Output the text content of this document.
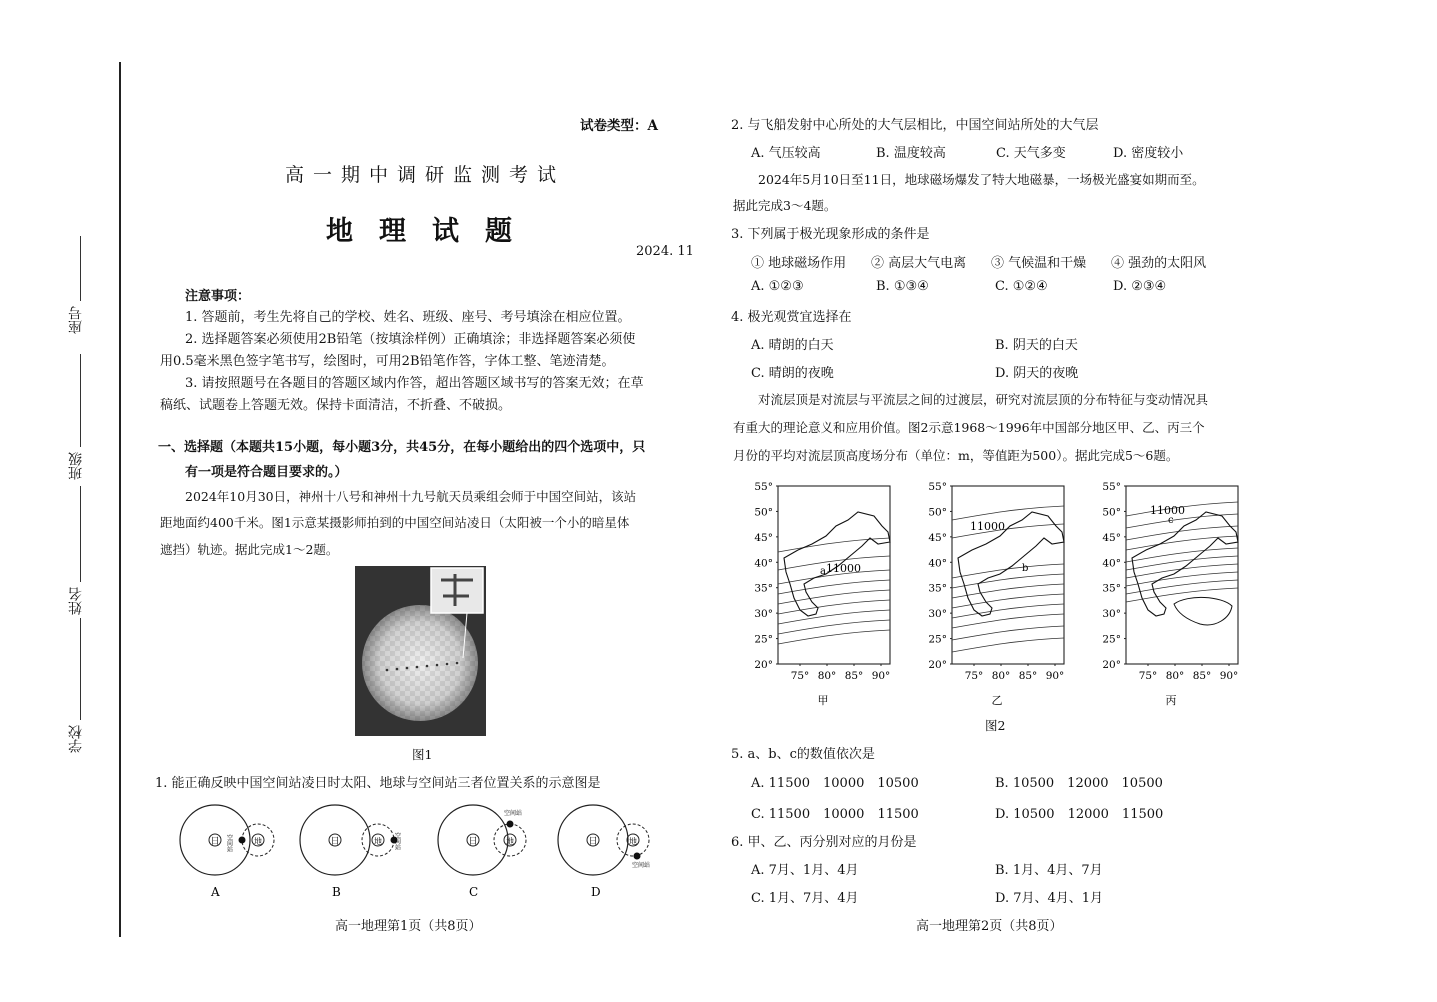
学校
姓名
班级
座号
试卷类型：A
高一期中调研监测考试
地理试题
2024. 11
注意事项：
1. 答题前，考生先将自己的学校、姓名、班级、座号、考号填涂在相应位置。
2. 选择题答案必须使用2B铅笔（按填涂样例）正确填涂；非选择题答案必须使
用0.5毫米黑色签字笔书写，绘图时，可用2B铅笔作答，字体工整、笔迹清楚。
3. 请按照题号在各题目的答题区域内作答，超出答题区域书写的答案无效；在草
稿纸、试题卷上答题无效。保持卡面清洁，不折叠、不破损。
一、选择题（本题共15小题，每小题3分，共45分，在每小题给出的四个选项中，只
有一项是符合题目要求的。）
2024年10月30日，神州十八号和神州十九号航天员乘组会师于中国空间站，该站
距地面约400千米。图1示意某摄影师拍到的中国空间站凌日（太阳被一个小的暗星体
遮挡）轨迹。据此完成1～2题。
图1
1. 能正确反映中国空间站凌日时太阳、地球与空间站三者位置关系的示意图是
日	地
空间站	日	地 空间站	日	地
空间站
日	地
空间站
A	B	C	D
高一地理第1页（共8页）
2. 与飞船发射中心所处的大气层相比，中国空间站所处的大气层
A. 气压较高	B. 温度较高	C. 天气多变	D. 密度较小
2024年5月10日至11日，地球磁场爆发了特大地磁暴，一场极光盛宴如期而至。
据此完成3～4题。
3. 下列属于极光现象形成的条件是
① 地球磁场作用 ② 高层大气电离 ③ 气候温和干燥 ④ 强劲的太阳风
A. ①②③	B. ①③④	C. ①②④	D. ②③④
4. 极光观赏宜选择在
A. 晴朗的白天	B. 阴天的白天
C. 晴朗的夜晚	D. 阴天的夜晚
对流层顶是对流层与平流层之间的过渡层，研究对流层顶的分布特征与变动情况具
有重大的理论意义和应用价值。图2示意1968～1996年中国部分地区甲、乙、丙三个
月份的平均对流层顶高度场分布（单位：m，等值距为500）。据此完成5～6题。
a 11000
55°
50°
45°
40°
35°
30°
25°
20°
75° 80° 85° 90°
甲
b
11000
55°
50°
45°
40°
35°
30°
25°
20°
75° 80° 85° 90°
乙
c
11000
55°
50°
45°
40°
35°
30°
25°
20°
75° 80° 85° 90°
丙
图2
5. a、b、c的数值依次是
A. 11500　10000　10500	B. 10500　12000　10500
C. 11500　10000　11500	D. 10500　12000　11500
6. 甲、乙、丙分别对应的月份是
A. 7月、1月、4月	B. 1月、4月、7月
C. 1月、7月、4月	D. 7月、4月、1月
高一地理第2页（共8页）
